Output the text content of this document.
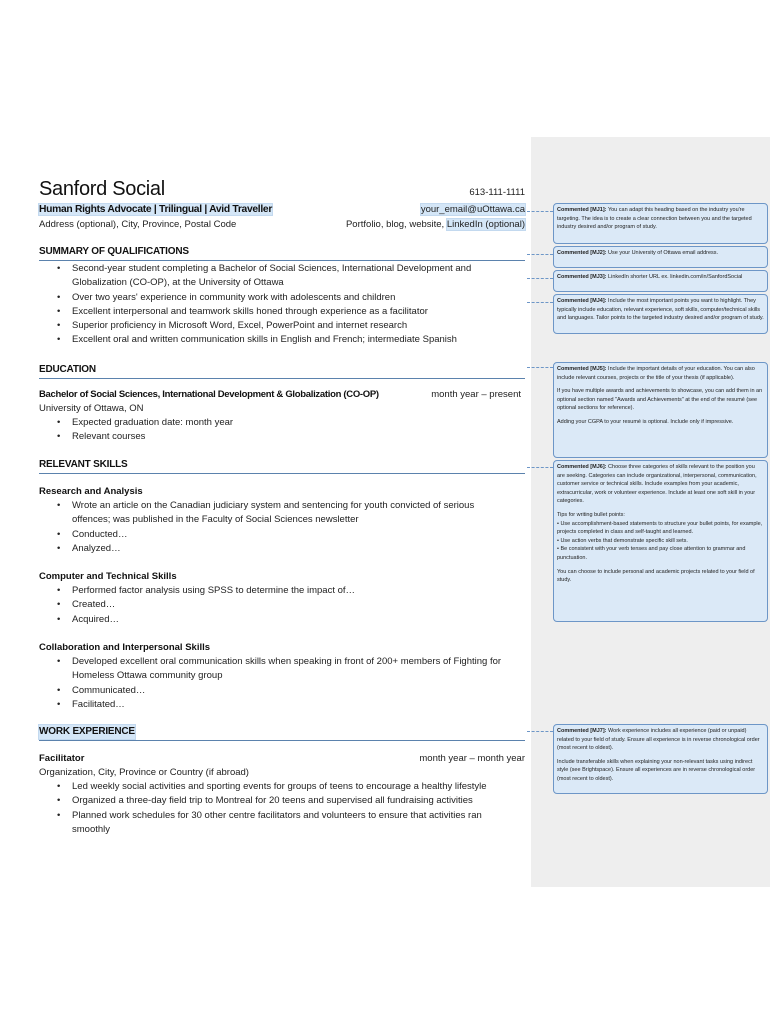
Sanford Social	613-111-1111
Human Rights Advocate | Trilingual | Avid Traveller	your_email@uOttawa.ca
Address (optional), City, Province, Postal Code	Portfolio, blog, website, LinkedIn (optional)
SUMMARY OF QUALIFICATIONS
• Second-year student completing a Bachelor of Social Sciences, International Development and Globalization (CO-OP), at the University of Ottawa
• Over two years' experience in community work with adolescents and children
• Excellent interpersonal and teamwork skills honed through experience as a facilitator
• Superior proficiency in Microsoft Word, Excel, PowerPoint and internet research
• Excellent oral and written communication skills in English and French; intermediate Spanish
EDUCATION
Bachelor of Social Sciences, International Development & Globalization (CO-OP)	month year – present
University of Ottawa, ON
• Expected graduation date: month year
• Relevant courses
RELEVANT SKILLS
Research and Analysis
• Wrote an article on the Canadian judiciary system and sentencing for youth convicted of serious offences; was published in the Faculty of Social Sciences newsletter
• Conducted…
• Analyzed…
Computer and Technical Skills
• Performed factor analysis using SPSS to determine the impact of…
• Created…
• Acquired…
Collaboration and Interpersonal Skills
• Developed excellent oral communication skills when speaking in front of 200+ members of Fighting for Homeless Ottawa community group
• Communicated…
• Facilitated…
WORK EXPERIENCE
Facilitator	month year – month year
Organization, City, Province or Country (if abroad)
• Led weekly social activities and sporting events for groups of teens to encourage a healthy lifestyle
• Organized a three-day field trip to Montreal for 20 teens and supervised all fundraising activities
• Planned work schedules for 30 other centre facilitators and volunteers to ensure that activities ran smoothly

Commented [MJ1]: You can adapt this heading based on the industry you're targeting. The idea is to create a clear connection between you and the targeted industry desired and/or program of study.

Commented [MJ2]: Use your University of Ottawa email address.

Commented [MJ3]: LinkedIn shorter URL ex. linkedin.com/in/SanfordSocial

Commented [MJ4]: Include the most important points you want to highlight. They typically include education, relevant experience, soft skills, computer/technical skills and languages. Tailor points to the targeted industry desired and/or program of study.

Commented [MJ5]: Include the important details of your education. You can also include relevant courses, projects or the title of your thesis (if applicable).

If you have multiple awards and achievements to showcase, you can add them in an optional section named "Awards and Achievements" at the end of the resumé (see optional sections for reference).

Adding your CGPA to your resumé is optional. Include only if impressive.

Commented [MJ6]: Choose three categories of skills relevant to the position you are seeking. Categories can include organizational, interpersonal, communication, customer service or technical skills. Include examples from your academic, extracurricular, work or volunteer experience. Include at least one soft skill in your categories.

Tips for writing bullet points:
• Use accomplishment-based statements to structure your bullet points, for example, projects completed in class and self-taught and learned.
• Use action verbs that demonstrate specific skill sets.
• Be consistent with your verb tenses and pay close attention to grammar and punctuation.

You can choose to include personal and academic projects related to your field of study.

Commented [MJ7]: Work experience includes all experience (paid or unpaid) related to your field of study. Ensure all experience is in reverse chronological order (most recent to oldest).

Include transferable skills when explaining your non-relevant tasks using indirect style (see Brightspace). Ensure all experiences are in reverse chronological order (most recent to oldest).
